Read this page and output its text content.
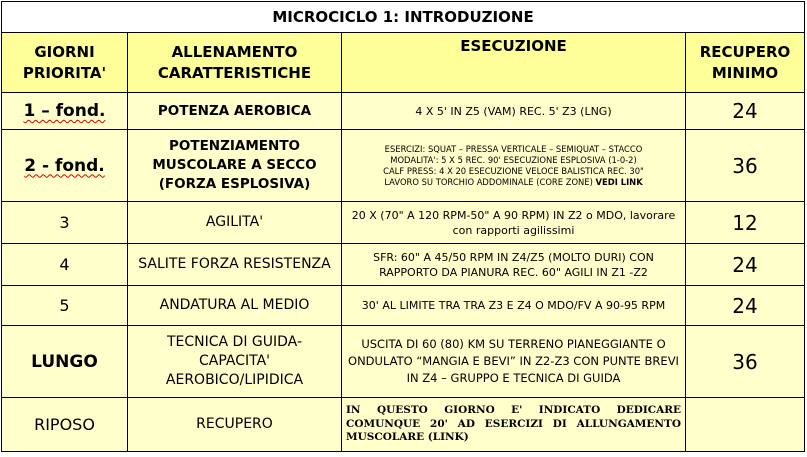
MICROCICLO 1: INTRODUZIONE			
GIORNI PRIORITA'	ALLENAMENTO CARATTERISTICHE	ESECUZIONE	RECUPERO MINIMO
1 – fond.	POTENZA AEROBICA	4 X 5' IN Z5 (VAM) REC. 5' Z3 (LNG)	24
2 - fond.	POTENZIAMENTO MUSCOLARE A SECCO (FORZA ESPLOSIVA)	ESERCIZI: SQUAT – PRESSA VERTICALE – SEMIQUAT – STACCO
MODALITA': 5 X 5 REC. 90' ESECUZIONE ESPLOSIVA (1-0-2)
CALF PRESS: 4 X 20 ESECUZIONE VELOCE BALISTICA REC. 30"
LAVORO SU TORCHIO ADDOMINALE (CORE ZONE) VEDI LINK	36
3	AGILITA'	20 X (70" A 120 RPM-50" A 90 RPM) IN Z2 o MDO, lavorare con rapporti agilissimi	12
4	SALITE FORZA RESISTENZA	SFR: 60" A 45/50 RPM IN Z4/Z5 (MOLTO DURI) CON RAPPORTO DA PIANURA REC. 60" AGILI IN Z1 -Z2	24
5	ANDATURA AL MEDIO	30' AL LIMITE TRA TRA Z3 E Z4 O MDO/FV A 90-95 RPM	24
LUNGO	TECNICA DI GUIDA- CAPACITA' AEROBICO/LIPIDICA	USCITA DI 60 (80) KM SU TERRENO PIANEGGIANTE O ONDULATO “MANGIA E BEVI” IN Z2-Z3 CON PUNTE BREVI IN Z4 – GRUPPO E TECNICA DI GUIDA	36
RIPOSO	RECUPERO	IN QUESTO GIORNO E' INDICATO DEDICARE COMUNQUE 20' AD ESERCIZI DI ALLUNGAMENTO MUSCOLARE (LINK)	
